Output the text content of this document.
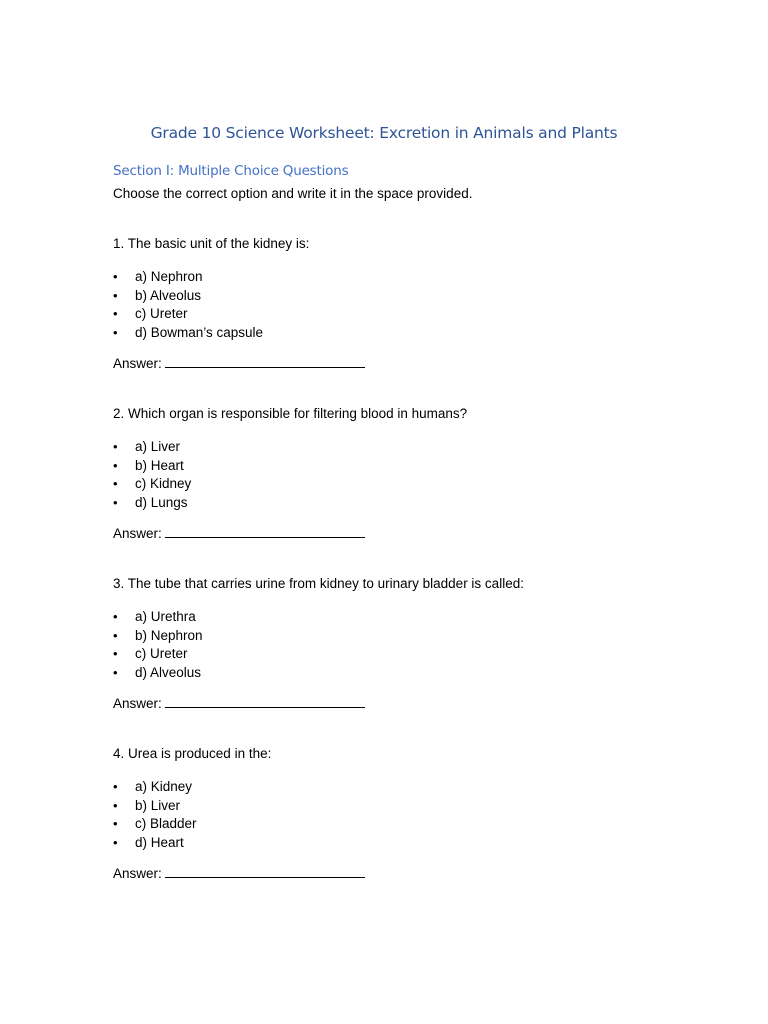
Grade 10 Science Worksheet: Excretion in Animals and Plants
Section I: Multiple Choice Questions
Choose the correct option and write it in the space provided.
1. The basic unit of the kidney is:
• a) Nephron
• b) Alveolus
• c) Ureter
• d) Bowman’s capsule
Answer:
2. Which organ is responsible for filtering blood in humans?
• a) Liver
• b) Heart
• c) Kidney
• d) Lungs
Answer:
3. The tube that carries urine from kidney to urinary bladder is called:
• a) Urethra
• b) Nephron
• c) Ureter
• d) Alveolus
Answer:
4. Urea is produced in the:
• a) Kidney
• b) Liver
• c) Bladder
• d) Heart
Answer:
